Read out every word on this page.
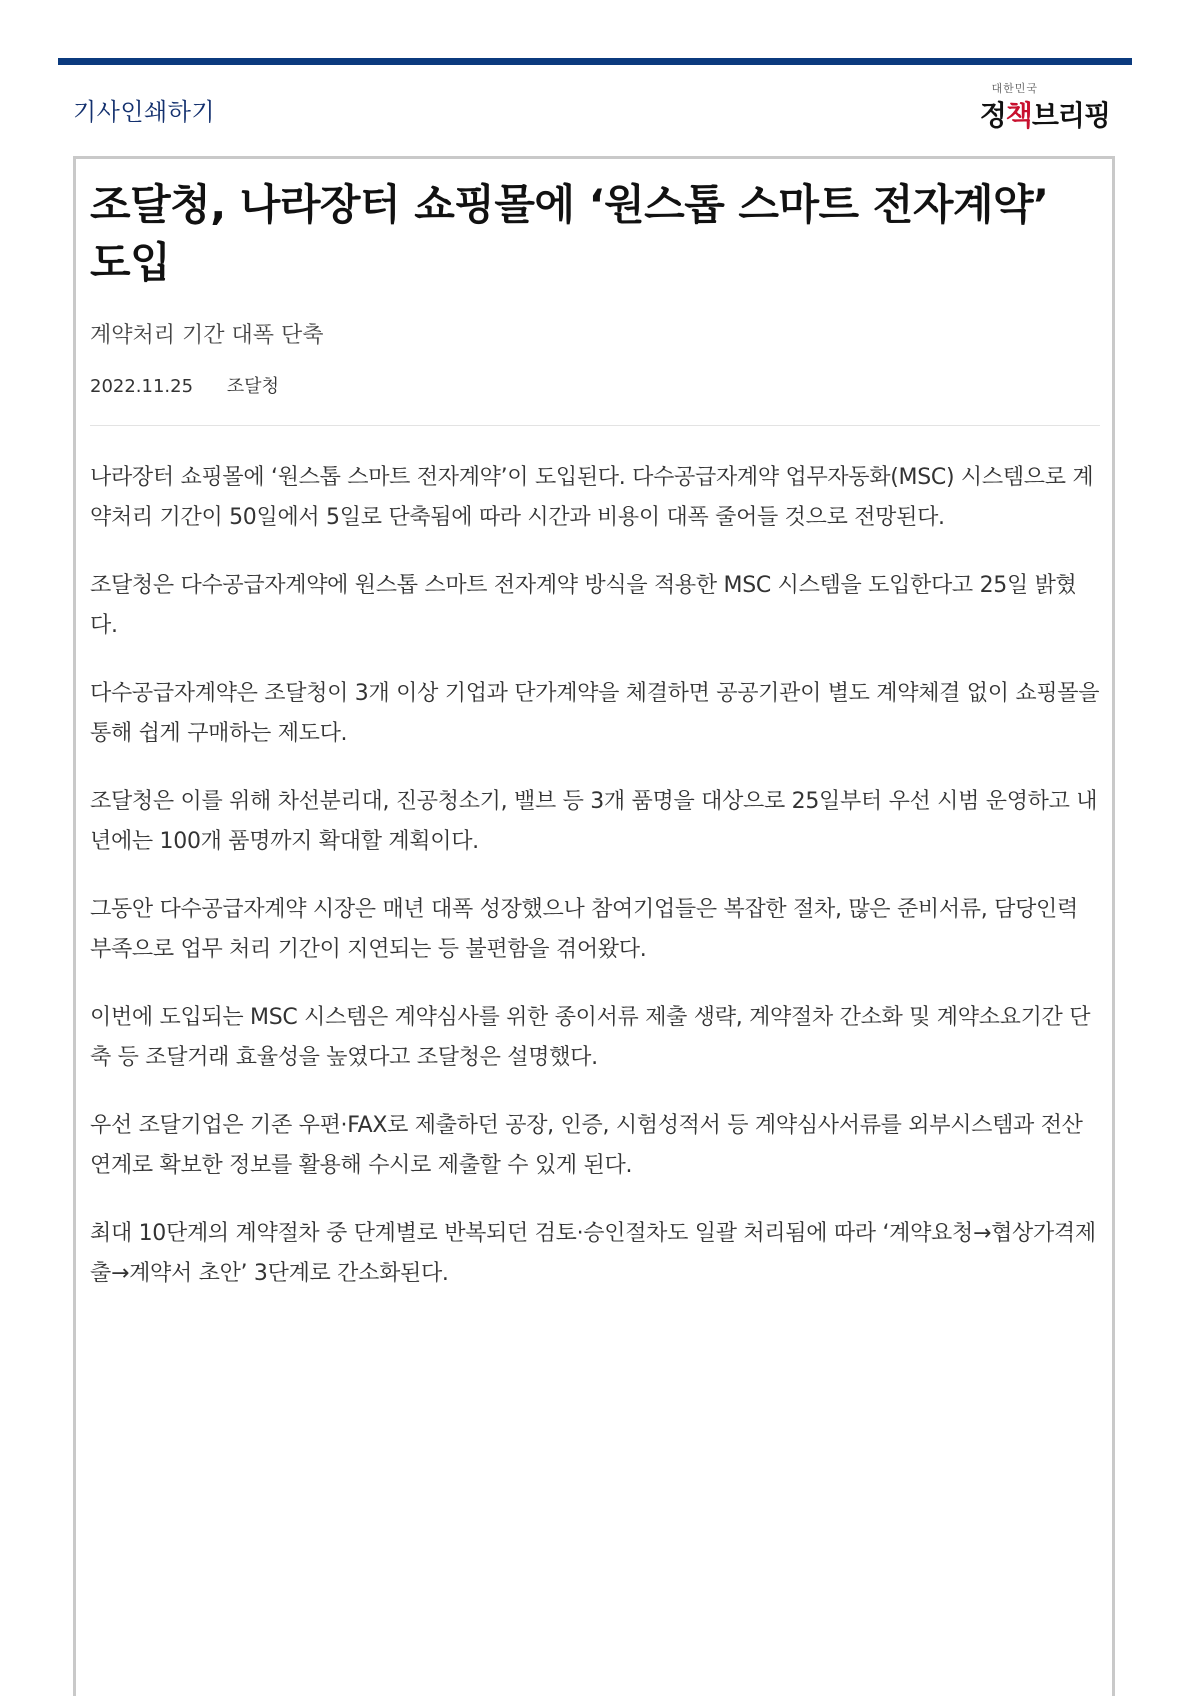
기사인쇄하기
대한민국
정책브리핑
조달청, 나라장터 쇼핑몰에 ‘원스톱 스마트 전자계약’ 도입
계약처리 기간 대폭 단축
2022.11.25 조달청

나라장터 쇼핑몰에 ‘원스톱 스마트 전자계약’이 도입된다. 다수공급자계약 업무자동화(MSC) 시스템으로 계약처리 기간이 50일에서 5일로 단축됨에 따라 시간과 비용이 대폭 줄어들 것으로 전망된다.

조달청은 다수공급자계약에 원스톱 스마트 전자계약 방식을 적용한 MSC 시스템을 도입한다고 25일 밝혔다.

다수공급자계약은 조달청이 3개 이상 기업과 단가계약을 체결하면 공공기관이 별도 계약체결 없이 쇼핑몰을 통해 쉽게 구매하는 제도다.

조달청은 이를 위해 차선분리대, 진공청소기, 밸브 등 3개 품명을 대상으로 25일부터 우선 시범 운영하고 내년에는 100개 품명까지 확대할 계획이다.

그동안 다수공급자계약 시장은 매년 대폭 성장했으나 참여기업들은 복잡한 절차, 많은 준비서류, 담당인력 부족으로 업무 처리 기간이 지연되는 등 불편함을 겪어왔다.

이번에 도입되는 MSC 시스템은 계약심사를 위한 종이서류 제출 생략, 계약절차 간소화 및 계약소요기간 단축 등 조달거래 효율성을 높였다고 조달청은 설명했다.

우선 조달기업은 기존 우편·FAX로 제출하던 공장, 인증, 시험성적서 등 계약심사서류를 외부시스템과 전산연계로 확보한 정보를 활용해 수시로 제출할 수 있게 된다.

최대 10단계의 계약절차 중 단계별로 반복되던 검토·승인절차도 일괄 처리됨에 따라 ‘계약요청→협상가격제출→계약서 초안’ 3단계로 간소화된다.
